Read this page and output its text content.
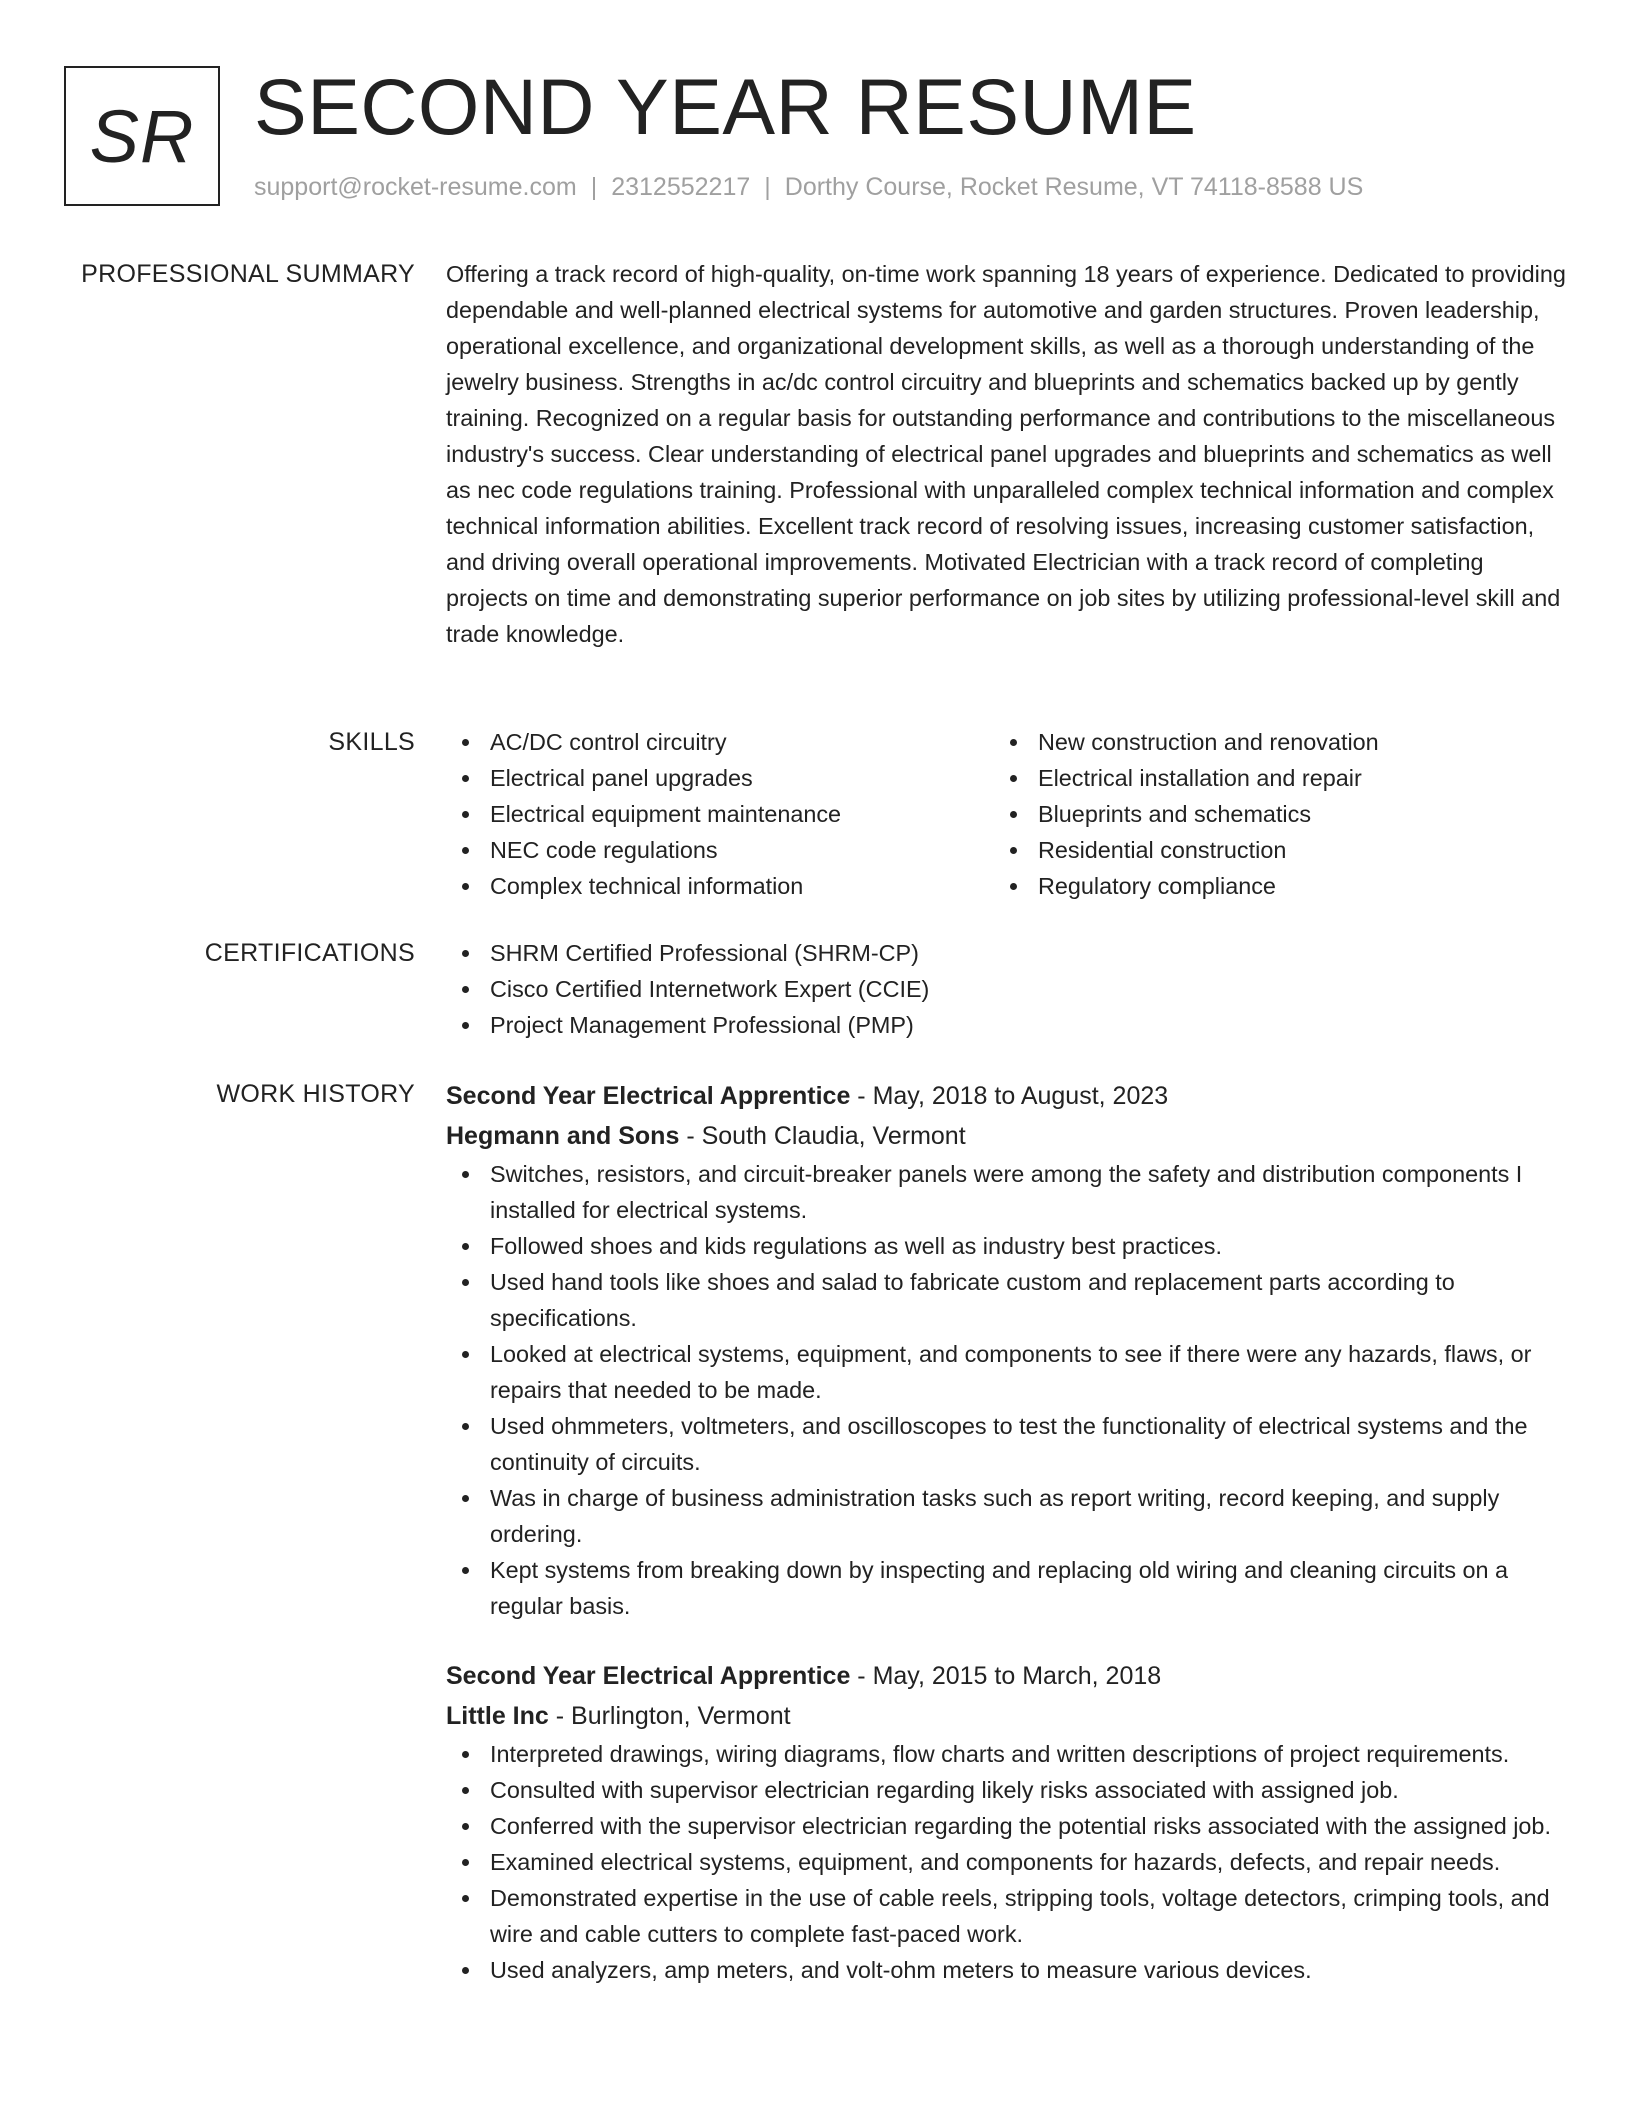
SR SECOND YEAR RESUME
support@rocket-resume.com | 2312552217 | Dorthy Course, Rocket Resume, VT 74118-8588 US
PROFESSIONAL SUMMARY Offering a track record of high-quality, on-time work spanning 18 years of experience. Dedicated to providing dependable and well-planned electrical systems for automotive and garden structures. Proven leadership, operational excellence, and organizational development skills, as well as a thorough understanding of the jewelry business. Strengths in ac/dc control circuitry and blueprints and schematics backed up by gently training. Recognized on a regular basis for outstanding performance and contributions to the miscellaneous industry's success. Clear understanding of electrical panel upgrades and blueprints and schematics as well as nec code regulations training. Professional with unparalleled complex technical information and complex technical information abilities. Excellent track record of resolving issues, increasing customer satisfaction, and driving overall operational improvements. Motivated Electrician with a track record of completing projects on time and demonstrating superior performance on job sites by utilizing professional-level skill and trade knowledge.

SKILLS	AC/DC control circuitry
Electrical panel upgrades
Electrical equipment maintenance
NEC code regulations
Complex technical information
New construction and renovation
Electrical installation and repair
Blueprints and schematics
Residential construction
Regulatory compliance
CERTIFICATIONS	SHRM Certified Professional (SHRM-CP)
Cisco Certified Internetwork Expert (CCIE)
Project Management Professional (PMP)
WORK HISTORY Second Year Electrical Apprentice - May, 2018 to August, 2023
Hegmann and Sons - South Claudia, Vermont
Switches, resistors, and circuit-breaker panels were among the safety and distribution components I installed for electrical systems.
Followed shoes and kids regulations as well as industry best practices.
Used hand tools like shoes and salad to fabricate custom and replacement parts according to specifications.
Looked at electrical systems, equipment, and components to see if there were any hazards, flaws, or repairs that needed to be made.
Used ohmmeters, voltmeters, and oscilloscopes to test the functionality of electrical systems and the continuity of circuits.
Was in charge of business administration tasks such as report writing, record keeping, and supply ordering.
Kept systems from breaking down by inspecting and replacing old wiring and cleaning circuits on a regular basis.
Second Year Electrical Apprentice - May, 2015 to March, 2018
Little Inc - Burlington, Vermont
Interpreted drawings, wiring diagrams, flow charts and written descriptions of project requirements.
Consulted with supervisor electrician regarding likely risks associated with assigned job.
Conferred with the supervisor electrician regarding the potential risks associated with the assigned job.
Examined electrical systems, equipment, and components for hazards, defects, and repair needs.
Demonstrated expertise in the use of cable reels, stripping tools, voltage detectors, crimping tools, and wire and cable cutters to complete fast-paced work.
Used analyzers, amp meters, and volt-ohm meters to measure various devices.
